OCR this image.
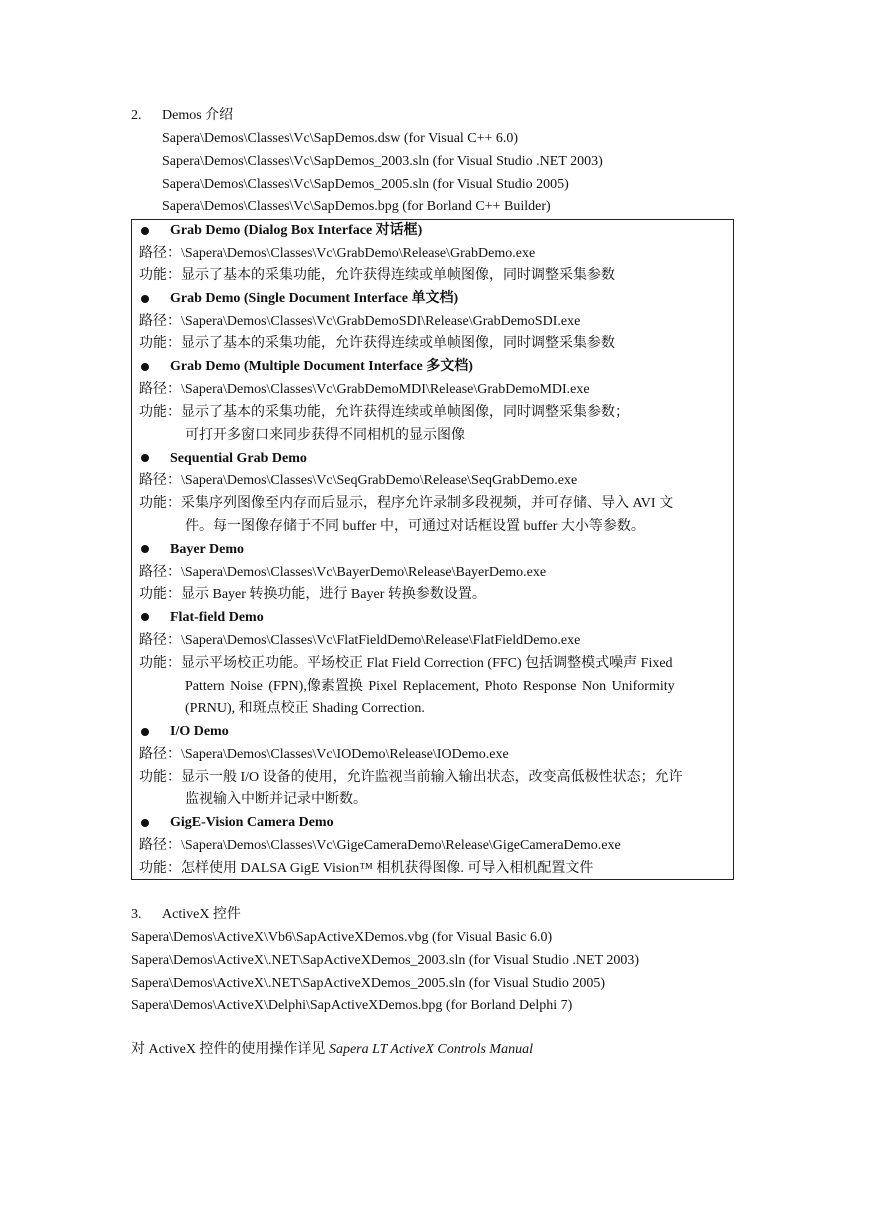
2. Demos 介绍
Sapera\Demos\Classes\Vc\SapDemos.dsw (for Visual C++ 6.0)
Sapera\Demos\Classes\Vc\SapDemos_2003.sln (for Visual Studio .NET 2003)
Sapera\Demos\Classes\Vc\SapDemos_2005.sln (for Visual Studio 2005)
Sapera\Demos\Classes\Vc\SapDemos.bpg (for Borland C++ Builder)
Grab Demo (Dialog Box Interface 对话框)
路径：\Sapera\Demos\Classes\Vc\GrabDemo\Release\GrabDemo.exe
功能：显示了基本的采集功能，允许获得连续或单帧图像，同时调整采集参数
Grab Demo (Single Document Interface 单文档)
路径：\Sapera\Demos\Classes\Vc\GrabDemoSDI\Release\GrabDemoSDI.exe
功能：显示了基本的采集功能，允许获得连续或单帧图像，同时调整采集参数
Grab Demo (Multiple Document Interface 多文档)
路径：\Sapera\Demos\Classes\Vc\GrabDemoMDI\Release\GrabDemoMDI.exe
功能：显示了基本的采集功能，允许获得连续或单帧图像，同时调整采集参数；
可打开多窗口来同步获得不同相机的显示图像
Sequential Grab Demo
路径：\Sapera\Demos\Classes\Vc\SeqGrabDemo\Release\SeqGrabDemo.exe
功能：采集序列图像至内存而后显示，程序允许录制多段视频，并可存储、导入 AVI 文
件。每一图像存储于不同 buffer 中，可通过对话框设置 buffer 大小等参数。
Bayer Demo
路径：\Sapera\Demos\Classes\Vc\BayerDemo\Release\BayerDemo.exe
功能：显示 Bayer 转换功能，进行 Bayer 转换参数设置。
Flat-field Demo
路径：\Sapera\Demos\Classes\Vc\FlatFieldDemo\Release\FlatFieldDemo.exe
功能：显示平场校正功能。平场校正 Flat Field Correction (FFC) 包括调整模式噪声 Fixed
Pattern Noise (FPN),像素置换 Pixel Replacement, Photo Response Non Uniformity
(PRNU), 和斑点校正 Shading Correction.
I/O Demo
路径：\Sapera\Demos\Classes\Vc\IODemo\Release\IODemo.exe
功能：显示一般 I/O 设备的使用，允许监视当前输入输出状态，改变高低极性状态；允许
监视输入中断并记录中断数。
GigE-Vision Camera Demo
路径：\Sapera\Demos\Classes\Vc\GigeCameraDemo\Release\GigeCameraDemo.exe
功能：怎样使用 DALSA GigE Vision™ 相机获得图像. 可导入相机配置文件
3. ActiveX 控件
Sapera\Demos\ActiveX\Vb6\SapActiveXDemos.vbg (for Visual Basic 6.0)
Sapera\Demos\ActiveX\.NET\SapActiveXDemos_2003.sln (for Visual Studio .NET 2003)
Sapera\Demos\ActiveX\.NET\SapActiveXDemos_2005.sln (for Visual Studio 2005)
Sapera\Demos\ActiveX\Delphi\SapActiveXDemos.bpg (for Borland Delphi 7)
对 ActiveX 控件的使用操作详见 Sapera LT ActiveX Controls Manual
